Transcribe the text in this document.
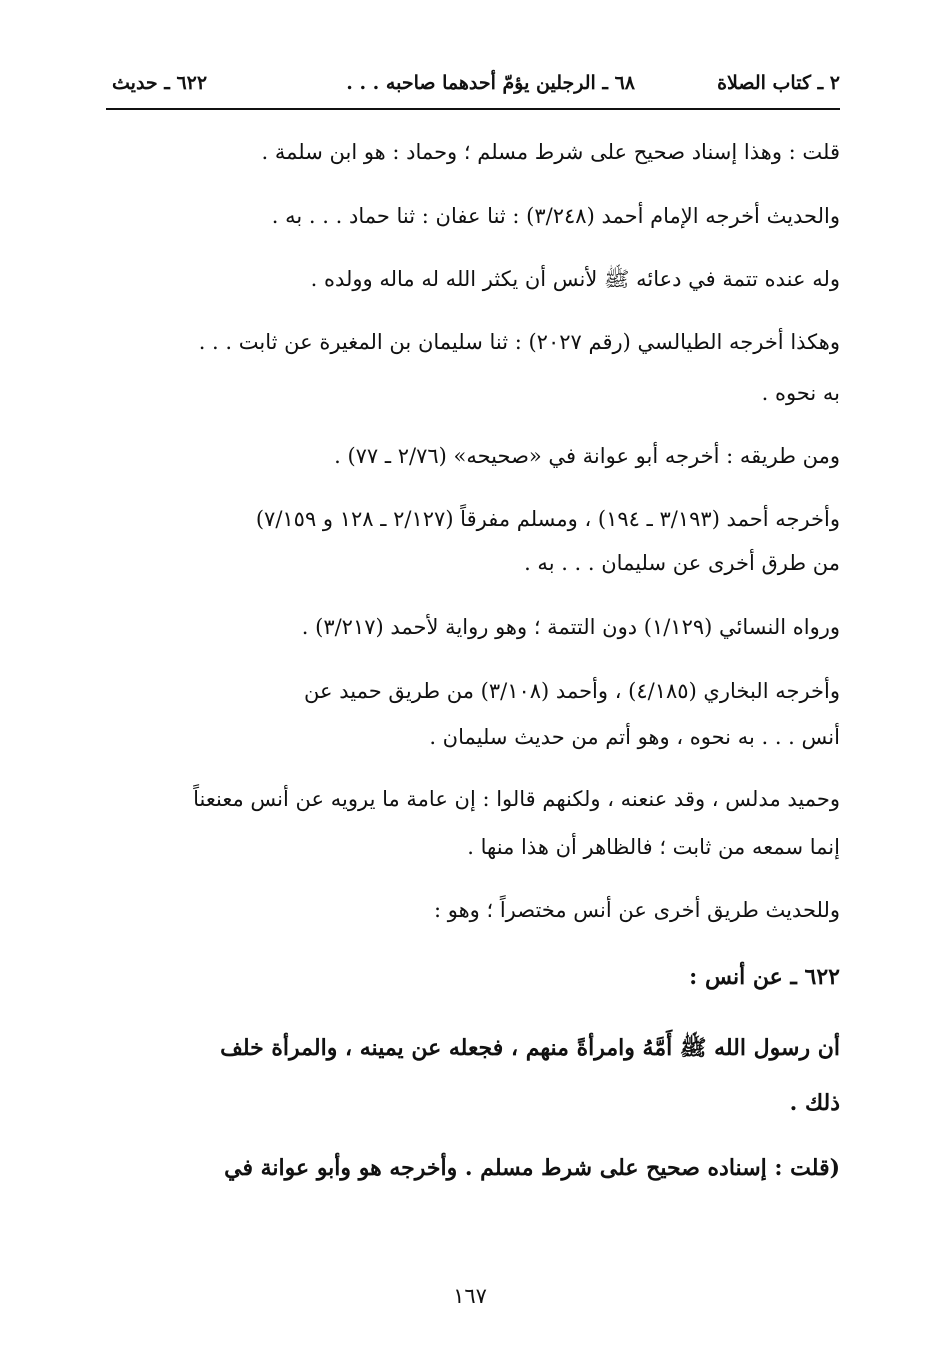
٢ ـ كتاب الصلاة
٦٨ ـ الرجلين يؤمّ أحدهما صاحبه . . .
٦٢٢ ـ حديث
قلت : وهذا إسناد صحيح على شرط مسلم ؛ وحماد : هو ابن سلمة .
والحديث أخرجه الإمام أحمد (٣/٢٤٨) : ثنا عفان : ثنا حماد . . . به .
وله عنده تتمة في دعائه ﷺ لأنس أن يكثر الله له ماله وولده .
وهكذا أخرجه الطيالسي (رقم ٢٠٢٧) : ثنا سليمان بن المغيرة عن ثابت . . .
به نحوه .
ومن طريقه : أخرجه أبو عوانة في «صحيحه» (٢/٧٦ ـ ٧٧) .
وأخرجه أحمد (٣/١٩٣ ـ ١٩٤) ، ومسلم مفرقاً (٢/١٢٧ ـ ١٢٨ و ٧/١٥٩)
من طرق أخرى عن سليمان . . . به .
ورواه النسائي (١/١٢٩) دون التتمة ؛ وهو رواية لأحمد (٣/٢١٧) .
وأخرجه البخاري (٤/١٨٥) ، وأحمد (٣/١٠٨) من طريق حميد عن
أنس . . . به نحوه ، وهو أتم من حديث سليمان .
وحميد مدلس ، وقد عنعنه ، ولكنهم قالوا : إن عامة ما يرويه عن أنس معنعناً
إنما سمعه من ثابت ؛ فالظاهر أن هذا منها .
وللحديث طريق أخرى عن أنس مختصراً ؛ وهو :
٦٢٢ ـ عن أنس :
أن رسول الله ﷺ أَمَّهُ وامرأةً منهم ، فجعله عن يمينه ، والمرأة خلف
ذلك .
(قلت : إسناده صحيح على شرط مسلم . وأخرجه هو وأبو عوانة في
١٦٧
